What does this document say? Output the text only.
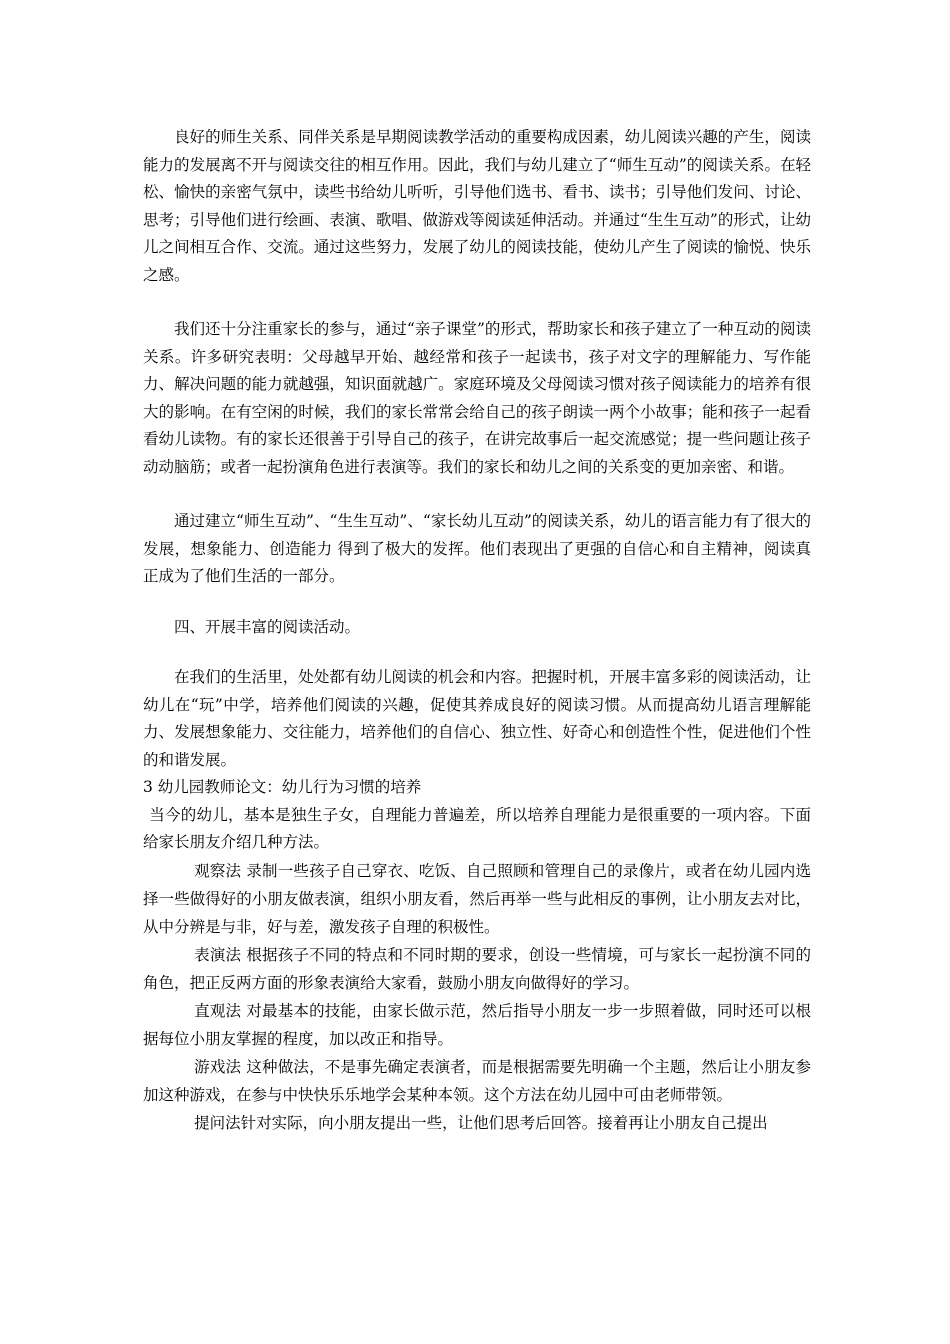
良好的师生关系、同伴关系是早期阅读教学活动的重要构成因素，幼儿阅读兴趣的产生，阅读能力的发展离不开与阅读交往的相互作用。因此，我们与幼儿建立了“师生互动”的阅读关系。在轻松、愉快的亲密气氛中，读些书给幼儿听听，引导他们选书、看书、读书；引导他们发问、讨论、思考；引导他们进行绘画、表演、歌唱、做游戏等阅读延伸活动。并通过“生生互动”的形式，让幼儿之间相互合作、交流。通过这些努力，发展了幼儿的阅读技能，使幼儿产生了阅读的愉悦、快乐之感。

我们还十分注重家长的参与，通过“亲子课堂”的形式，帮助家长和孩子建立了一种互动的阅读关系。许多研究表明：父母越早开始、越经常和孩子一起读书，孩子对文字的理解能力、写作能力、解决问题的能力就越强，知识面就越广。家庭环境及父母阅读习惯对孩子阅读能力的培养有很大的影响。在有空闲的时候，我们的家长常常会给自己的孩子朗读一两个小故事；能和孩子一起看看幼儿读物。有的家长还很善于引导自己的孩子，在讲完故事后一起交流感觉；提一些问题让孩子动动脑筋；或者一起扮演角色进行表演等。我们的家长和幼儿之间的关系变的更加亲密、和谐。

通过建立“师生互动”、“生生互动”、“家长幼儿互动”的阅读关系，幼儿的语言能力有了很大的发展，想象能力、创造能力 得到了极大的发挥。他们表现出了更强的自信心和自主精神，阅读真正成为了他们生活的一部分。

四、开展丰富的阅读活动。

在我们的生活里，处处都有幼儿阅读的机会和内容。把握时机，开展丰富多彩的阅读活动，让幼儿在“玩”中学，培养他们阅读的兴趣，促使其养成良好的阅读习惯。从而提高幼儿语言理解能力、发展想象能力、交往能力，培养他们的自信心、独立性、好奇心和创造性个性，促进他们个性的和谐发展。

3 幼儿园教师论文：幼儿行为习惯的培养

当今的幼儿，基本是独生子女，自理能力普遍差，所以培养自理能力是很重要的一项内容。下面给家长朋友介绍几种方法。

观察法 录制一些孩子自己穿衣、吃饭、自己照顾和管理自己的录像片，或者在幼儿园内选择一些做得好的小朋友做表演，组织小朋友看，然后再举一些与此相反的事例，让小朋友去对比，从中分辨是与非，好与差，激发孩子自理的积极性。

表演法 根据孩子不同的特点和不同时期的要求，创设一些情境，可与家长一起扮演不同的角色，把正反两方面的形象表演给大家看，鼓励小朋友向做得好的学习。

直观法 对最基本的技能，由家长做示范，然后指导小朋友一步一步照着做，同时还可以根据每位小朋友掌握的程度，加以改正和指导。

游戏法 这种做法，不是事先确定表演者，而是根据需要先明确一个主题，然后让小朋友参加这种游戏，在参与中快快乐乐地学会某种本领。这个方法在幼儿园中可由老师带领。

提问法针对实际，向小朋友提出一些，让他们思考后回答。接着再让小朋友自己提出
